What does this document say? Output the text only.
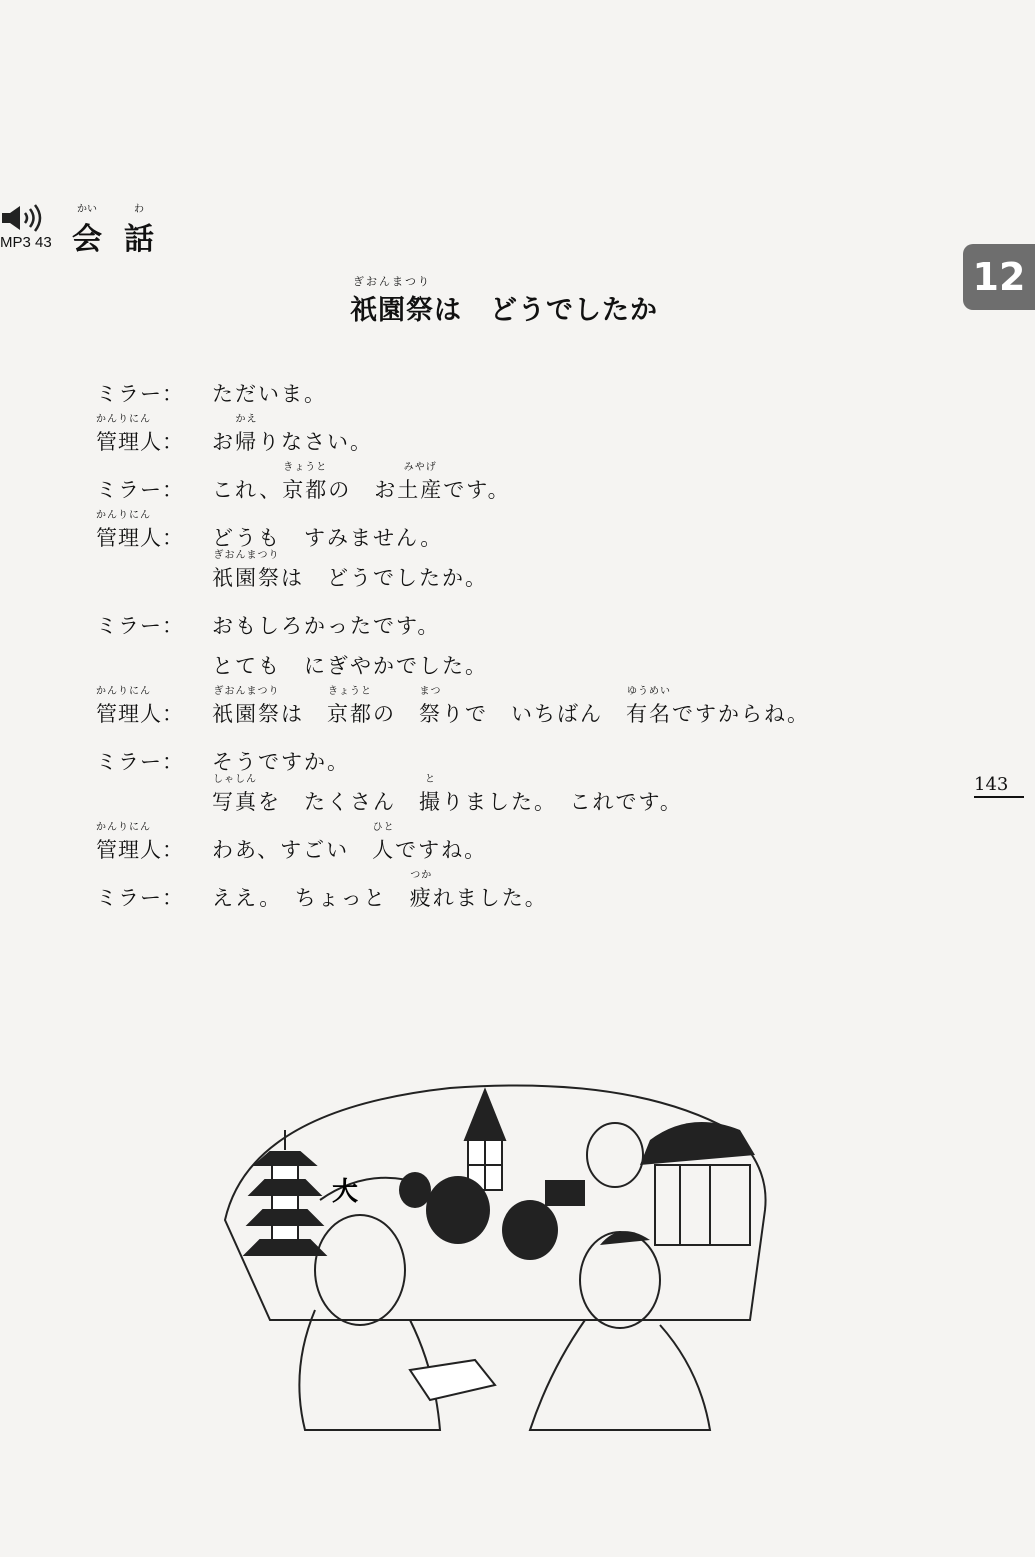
12
143
MP3 43
かい
会
わ
話
ぎおんまつり
祇園祭は　どうでしたか
ミラー：	ただいま。
かんりにん
管理人：	お
かえ
帰りなさい。
ミラー：	これ、
きょうと
京都の　お
みやげ
土産です。
かんりにん
管理人：	どうも　すみません。
ぎおんまつり
祇園祭は　どうでしたか。
ミラー：	おもしろかったです。
とても　にぎやかでした。
かんりにん
管理人：
ぎおんまつり
祇園祭は　
きょうと
京都の　
まつ
祭りで　いちばん　
ゆうめい
有名ですからね。
ミラー：	そうですか。
しゃしん
写真を　たくさん　
と
撮りました。　これです。
かんりにん
管理人：	わあ、すごい　
ひと
人ですね。
ミラー：	ええ。　ちょっと　
つか
疲れました。
大
